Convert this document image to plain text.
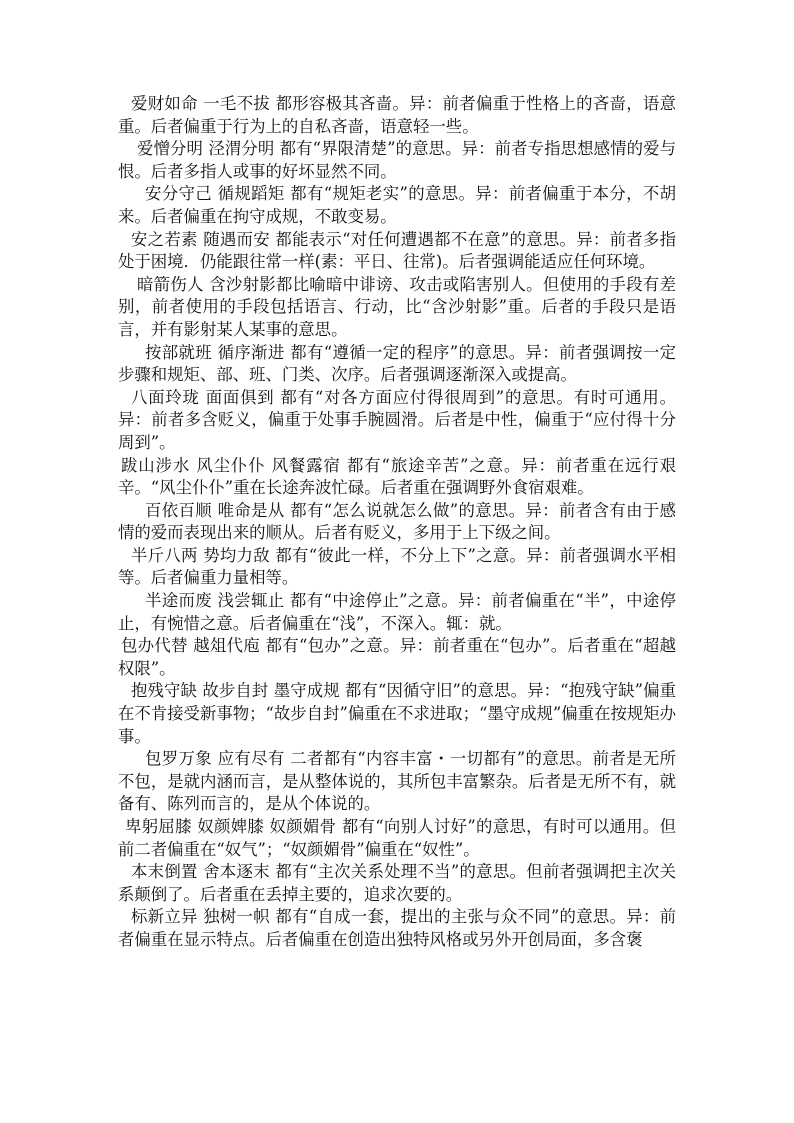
爱财如命 一毛不拔 都形容极其吝啬。异：前者偏重于性格上的吝啬，语意重。后者偏重于行为上的自私吝啬，语意轻一些。

爱憎分明 泾渭分明 都有“界限清楚”的意思。异：前者专指思想感情的爱与恨。后者多指人或事的好坏显然不同。

安分守己 循规蹈矩 都有“规矩老实”的意思。异：前者偏重于本分，不胡来。后者偏重在拘守成规，不敢变易。

安之若素 随遇而安 都能表示“对任何遭遇都不在意”的意思。异：前者多指处于困境．仍能跟往常一样(素：平日、往常)。后者强调能适应任何环境。

暗箭伤人 含沙射影都比喻暗中诽谤、攻击或陷害别人。但使用的手段有差别，前者使用的手段包括语言、行动，比“含沙射影”重。后者的手段只是语言，并有影射某人某事的意思。

按部就班 循序渐进 都有“遵循一定的程序”的意思。异：前者强调按一定步骤和规矩、部、班、门类、次序。后者强调逐渐深入或提高。

八面玲珑 面面俱到 都有“对各方面应付得很周到”的意思。有时可通用。异：前者多含贬义，偏重于处事手腕圆滑。后者是中性，偏重于“应付得十分周到”。

跋山涉水 风尘仆仆 风餐露宿 都有“旅途辛苦”之意。异：前者重在远行艰辛。“风尘仆仆”重在长途奔波忙碌。后者重在强调野外食宿艰难。

百依百顺 唯命是从 都有“怎么说就怎么做”的意思。异：前者含有由于感情的爱而表现出来的顺从。后者有贬义，多用于上下级之间。

半斤八两 势均力敌 都有“彼此一样，不分上下”之意。异：前者强调水平相等。后者偏重力量相等。

半途而废 浅尝辄止 都有“中途停止”之意。异：前者偏重在“半”，中途停止，有惋惜之意。后者偏重在“浅”，不深入。辄：就。

包办代替 越俎代庖 都有“包办”之意。异：前者重在“包办”。后者重在“超越权限”。

抱残守缺 故步自封 墨守成规 都有“因循守旧”的意思。异：“抱残守缺”偏重在不肯接受新事物；“故步自封”偏重在不求进取；“墨守成规”偏重在按规矩办事。

包罗万象 应有尽有 二者都有“内容丰富・一切都有”的意思。前者是无所不包，是就内涵而言，是从整体说的，其所包丰富繁杂。后者是无所不有，就备有、陈列而言的，是从个体说的。

卑躬屈膝 奴颜婢膝 奴颜媚骨 都有“向别人讨好”的意思，有时可以通用。但前二者偏重在“奴气”；“奴颜媚骨”偏重在“奴性”。

本末倒置 舍本逐末 都有“主次关系处理不当”的意思。但前者强调把主次关系颠倒了。后者重在丢掉主要的，追求次要的。

标新立异 独树一帜 都有“自成一套，提出的主张与众不同”的意思。异：前者偏重在显示特点。后者偏重在创造出独特风格或另外开创局面，多含褒
